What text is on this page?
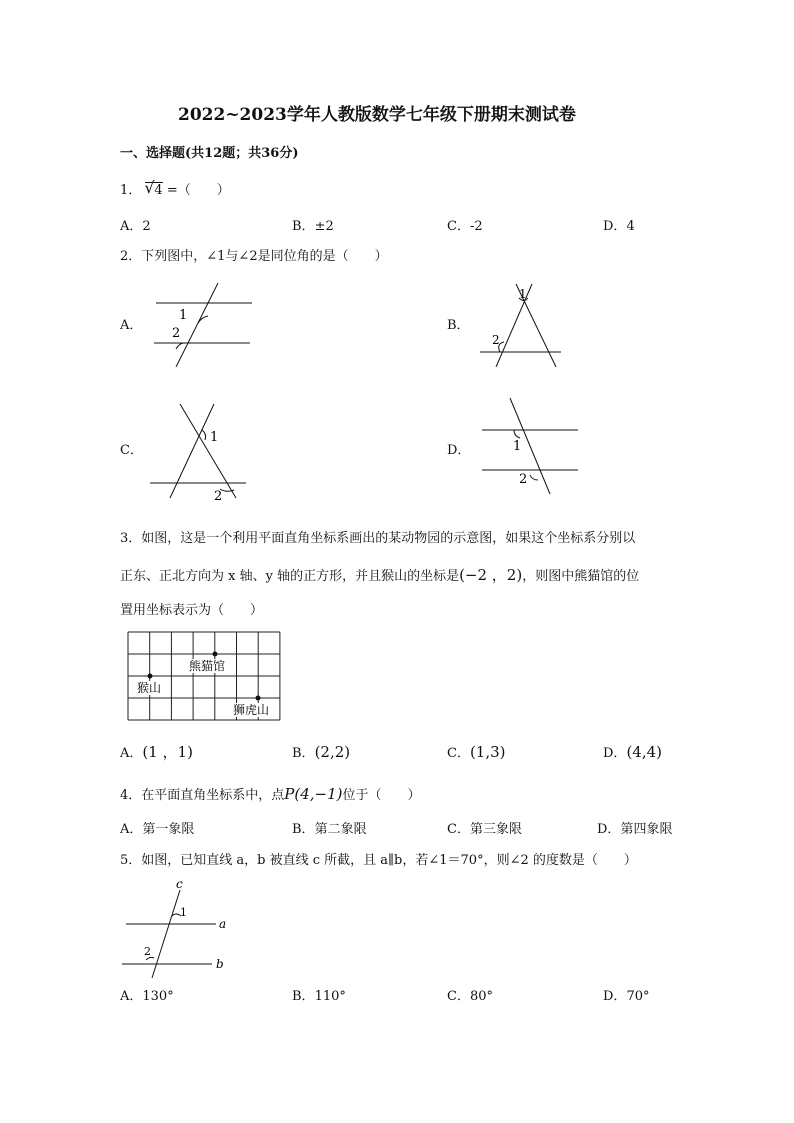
2022~2023学年人教版数学七年级下册期末测试卷
一、选择题(共12题；共36分)
1． √ 4 =（　　）
A．2	B．±2	C．-2	D．4
2．下列图中，∠1与∠2是同位角的是（　　）
A．
1
2
B．
1
2
C．
1
2
D．	1
2
3．如图，这是一个利用平面直角坐标系画出的某动物园的示意图，如果这个坐标系分别以
正东、正北方向为 x 轴、y 轴的正方形，并且猴山的坐标是(−2 ，2)，则图中熊猫馆的位
置用坐标表示为（　　）
熊猫馆
猴山
狮虎山
A．(1 ，1)	B．(2,2)	C．(1,3)	D．(4,4)
4．在平面直角坐标系中，点P(4,−1)位于（　　）
A．第一象限	B．第二象限	C．第三象限	D．第四象限
5．如图，已知直线 a，b 被直线 c 所截，且 a∥b，若∠1＝70°，则∠2 的度数是（　　）
c
1
2
a
b
A．130°	B．110°	C．80°	D．70°
